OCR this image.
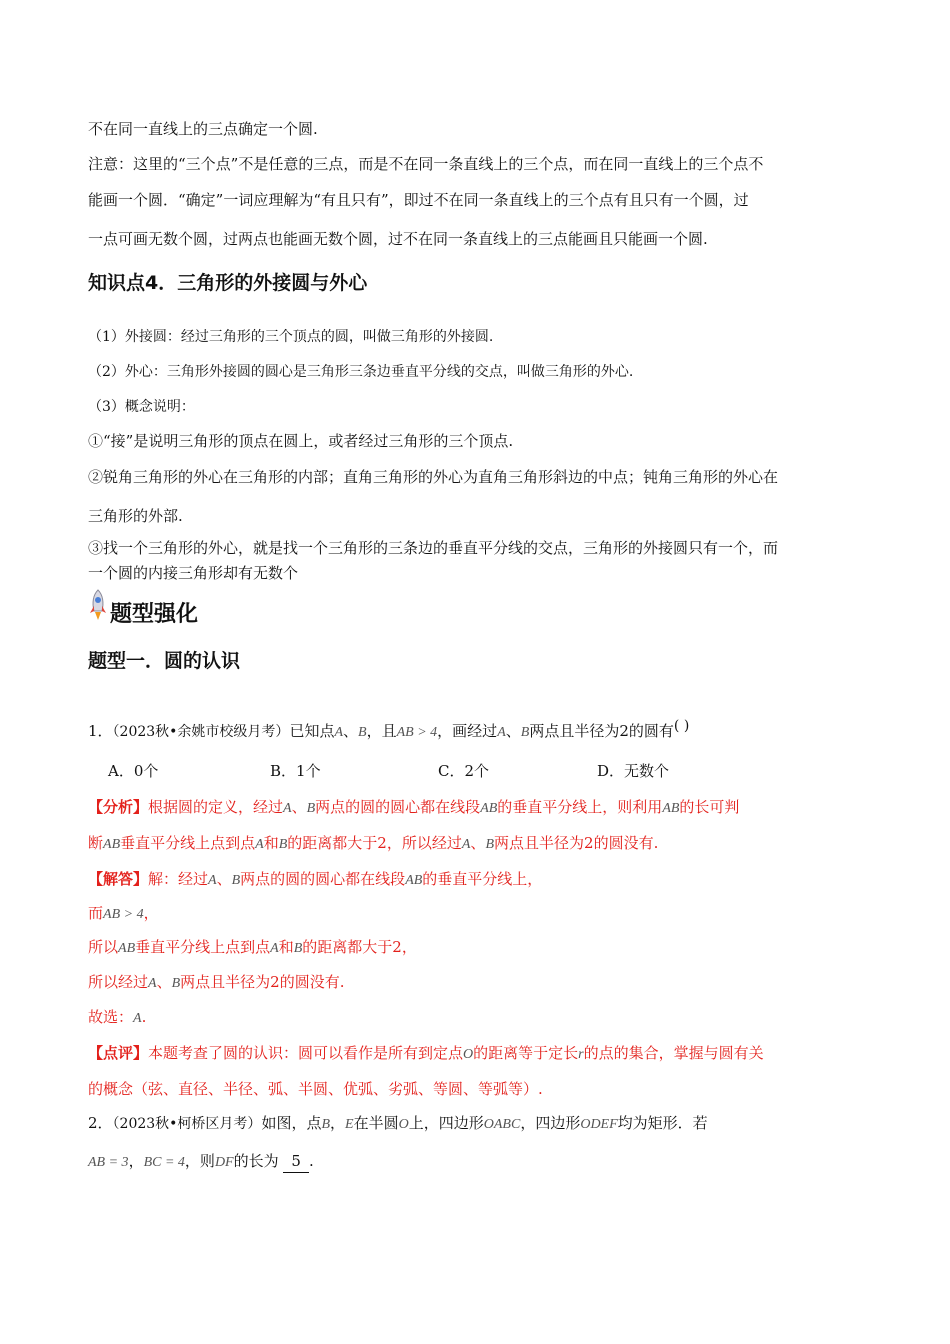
不在同一直线上的三点确定一个圆.
注意：这里的“三个点”不是任意的三点，而是不在同一条直线上的三个点，而在同一直线上的三个点不
能画一个圆．“确定”一词应理解为“有且只有”，即过不在同一条直线上的三个点有且只有一个圆，过
一点可画无数个圆，过两点也能画无数个圆，过不在同一条直线上的三点能画且只能画一个圆.
知识点4．三角形的外接圆与外心
（1）外接圆：经过三角形的三个顶点的圆，叫做三角形的外接圆.
（2）外心：三角形外接圆的圆心是三角形三条边垂直平分线的交点，叫做三角形的外心.
（3）概念说明：
①“接”是说明三角形的顶点在圆上，或者经过三角形的三个顶点.
②锐角三角形的外心在三角形的内部；直角三角形的外心为直角三角形斜边的中点；钝角三角形的外心在
三角形的外部.
③找一个三角形的外心，就是找一个三角形的三条边的垂直平分线的交点，三角形的外接圆只有一个，而
一个圆的内接三角形却有无数个
题型强化
题型一．圆的认识
1．（2023秋•余姚市校级月考）已知点A、B，且AB > 4，画经过A、B两点且半径为2的圆有( )
A．0个	B．1个	C．2个	D．无数个
【分析】根据圆的定义，经过A、B两点的圆的圆心都在线段AB的垂直平分线上，则利用AB的长可判
断AB垂直平分线上点到点A和B的距离都大于2，所以经过A、B两点且半径为2的圆没有.
【解答】解：经过A、B两点的圆的圆心都在线段AB的垂直平分线上，
而AB > 4，
所以AB垂直平分线上点到点A和B的距离都大于2，
所以经过A、B两点且半径为2的圆没有.
故选：A.
【点评】本题考查了圆的认识：圆可以看作是所有到定点O的距离等于定长r的点的集合，掌握与圆有关
的概念（弦、直径、半径、弧、半圆、优弧、劣弧、等圆、等弧等）.
2．（2023秋•柯桥区月考）如图，点B，E在半圆O上，四边形OABC，四边形ODEF均为矩形．若
AB = 3，BC = 4，则DF的长为 5 .
